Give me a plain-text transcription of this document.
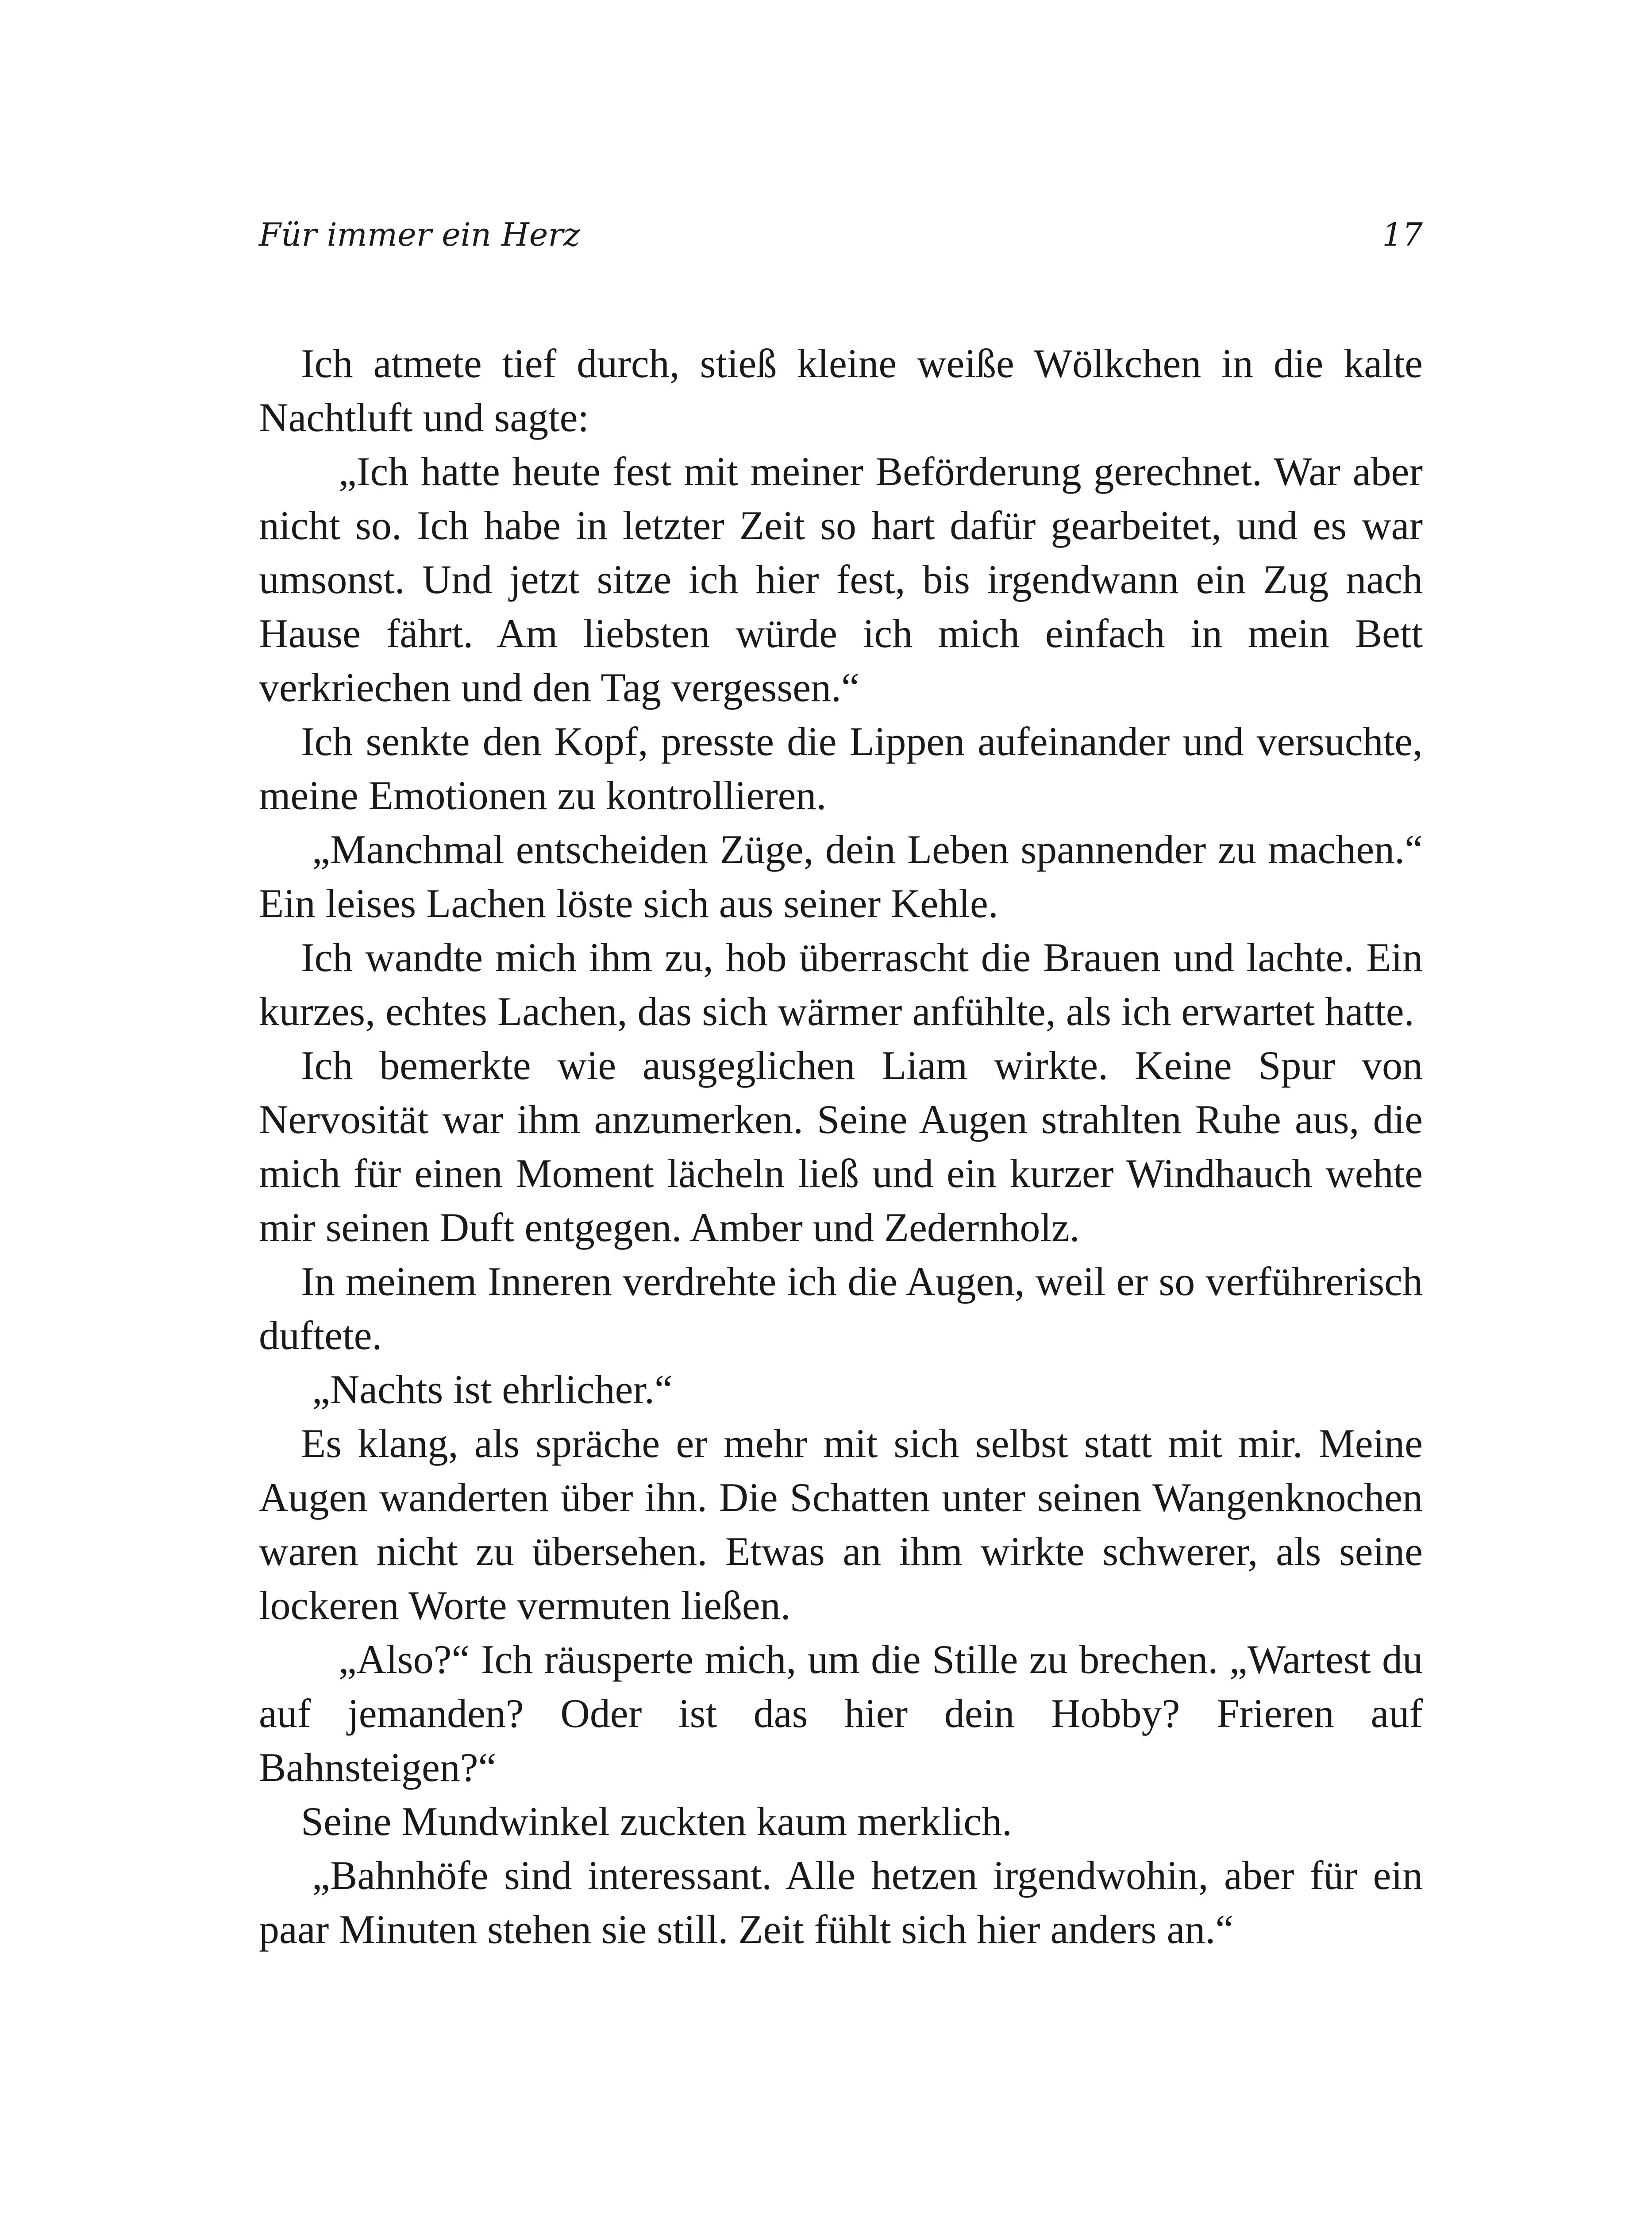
Für immer ein Herz	17

Ich atmete tief durch, stieß kleine weiße Wölkchen in die kalte Nachtluft und sagte:

„Ich hatte heute fest mit meiner Beförderung gerechnet. War aber nicht so. Ich habe in letzter Zeit so hart dafür gearbeitet, und es war umsonst. Und jetzt sitze ich hier fest, bis irgendwann ein Zug nach Hause fährt. Am liebsten würde ich mich einfach in mein Bett verkriechen und den Tag vergessen.“

Ich senkte den Kopf, presste die Lippen aufeinander und versuchte, meine Emotionen zu kontrollieren.

„Manchmal entscheiden Züge, dein Leben spannender zu machen.“ Ein leises Lachen löste sich aus seiner Kehle.

Ich wandte mich ihm zu, hob überrascht die Brauen und lachte. Ein kurzes, echtes Lachen, das sich wärmer anfühlte, als ich erwartet hatte.

Ich bemerkte wie ausgeglichen Liam wirkte. Keine Spur von Nervosität war ihm anzumerken. Seine Augen strahlten Ruhe aus, die mich für einen Moment lächeln ließ und ein kurzer Windhauch wehte mir seinen Duft entgegen. Amber und Zedernholz.

In meinem Inneren verdrehte ich die Augen, weil er so verführerisch duftete.

„Nachts ist ehrlicher.“

Es klang, als spräche er mehr mit sich selbst statt mit mir. Meine Augen wanderten über ihn. Die Schatten unter seinen Wangenknochen waren nicht zu übersehen. Etwas an ihm wirkte schwerer, als seine lockeren Worte vermuten ließen.

„Also?“ Ich räusperte mich, um die Stille zu brechen. „Wartest du auf jemanden? Oder ist das hier dein Hobby? Frieren auf Bahnsteigen?“

Seine Mundwinkel zuckten kaum merklich.

„Bahnhöfe sind interessant. Alle hetzen irgendwohin, aber für ein paar Minuten stehen sie still. Zeit fühlt sich hier anders an.“
